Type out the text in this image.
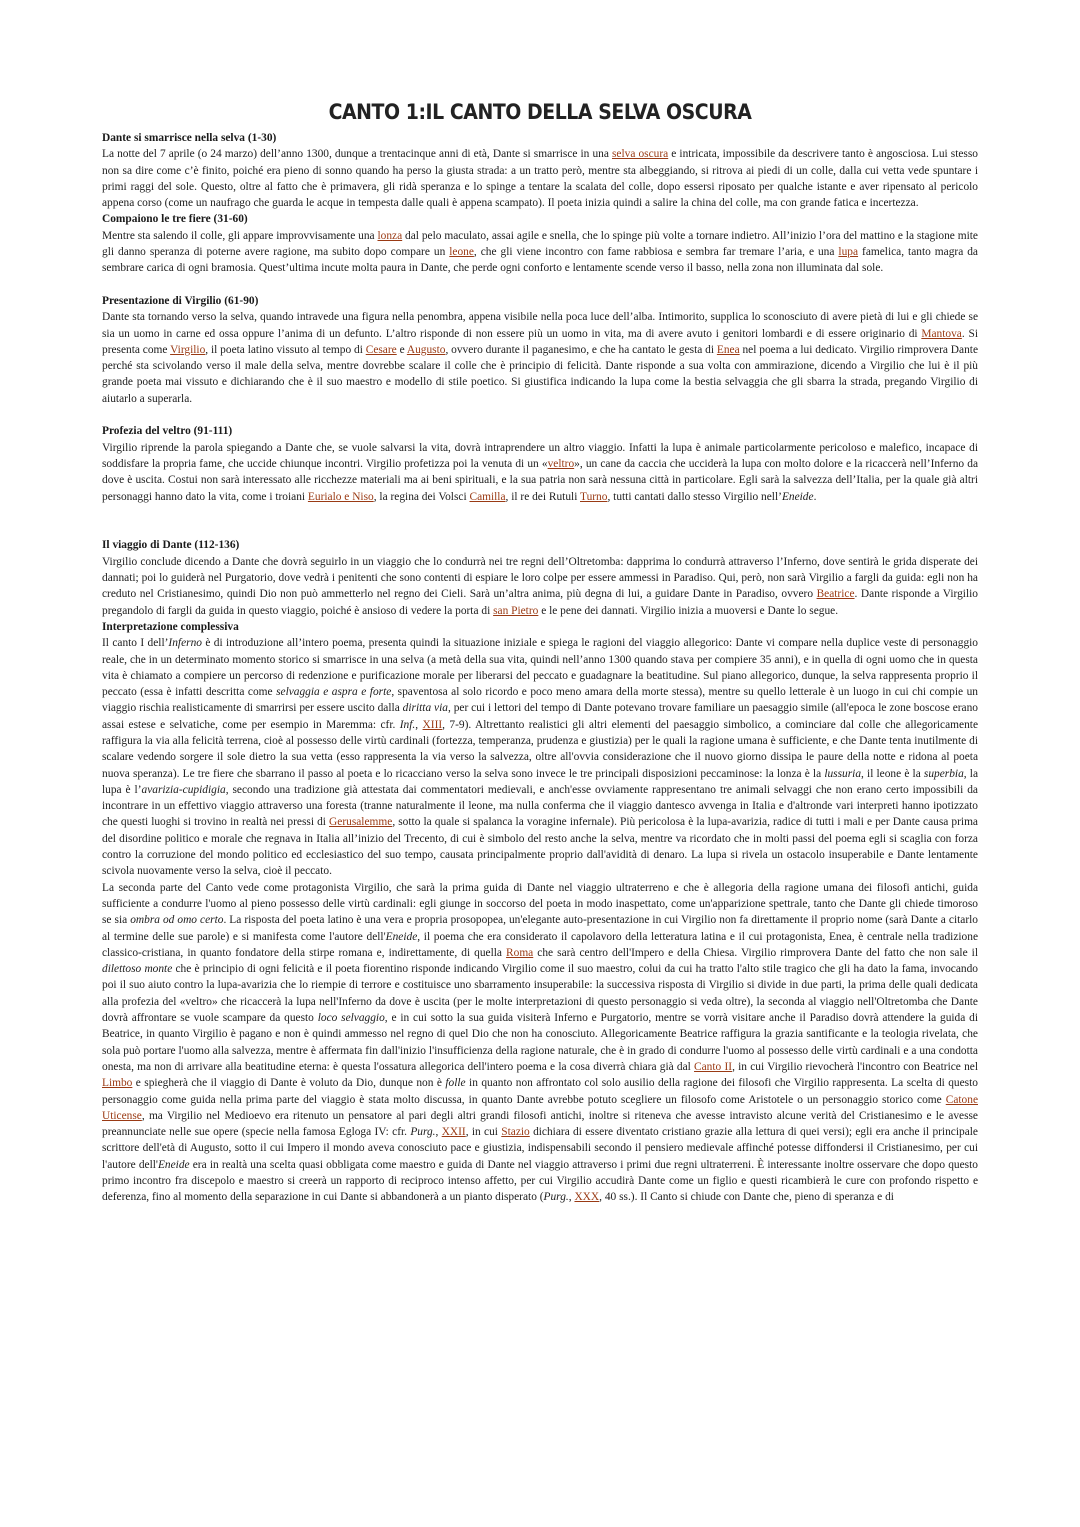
CANTO 1:IL CANTO DELLA SELVA OSCURA
Dante si smarrisce nella selva (1-30)

La notte del 7 aprile (o 24 marzo) dell’anno 1300, dunque a trentacinque anni di età, Dante si smarrisce in una selva oscura e intricata, impossibile da descrivere tanto è angosciosa. Lui stesso non sa dire come c’è finito, poiché era pieno di sonno quando ha perso la giusta strada: a un tratto però, mentre sta albeggiando, si ritrova ai piedi di un colle, dalla cui vetta vede spuntare i primi raggi del sole. Questo, oltre al fatto che è primavera, gli ridà speranza e lo spinge a tentare la scalata del colle, dopo essersi riposato per qualche istante e aver ripensato al pericolo appena corso (come un naufrago che guarda le acque in tempesta dalle quali è appena scampato). Il poeta inizia quindi a salire la china del colle, ma con grande fatica e incertezza.

Compaiono le tre fiere (31-60)

Mentre sta salendo il colle, gli appare improvvisamente una lonza dal pelo maculato, assai agile e snella, che lo spinge più volte a tornare indietro. All’inizio l’ora del mattino e la stagione mite gli danno speranza di poterne avere ragione, ma subito dopo compare un leone, che gli viene incontro con fame rabbiosa e sembra far tremare l’aria, e una lupa famelica, tanto magra da sembrare carica di ogni bramosia. Quest’ultima incute molta paura in Dante, che perde ogni conforto e lentamente scende verso il basso, nella zona non illuminata dal sole.

Presentazione di Virgilio (61-90)

Dante sta tornando verso la selva, quando intravede una figura nella penombra, appena visibile nella poca luce dell’alba. Intimorito, supplica lo sconosciuto di avere pietà di lui e gli chiede se sia un uomo in carne ed ossa oppure l’anima di un defunto. L’altro risponde di non essere più un uomo in vita, ma di avere avuto i genitori lombardi e di essere originario di Mantova. Si presenta come Virgilio, il poeta latino vissuto al tempo di Cesare e Augusto, ovvero durante il paganesimo, e che ha cantato le gesta di Enea nel poema a lui dedicato. Virgilio rimprovera Dante perché sta scivolando verso il male della selva, mentre dovrebbe scalare il colle che è principio di felicità. Dante risponde a sua volta con ammirazione, dicendo a Virgilio che lui è il più grande poeta mai vissuto e dichiarando che è il suo maestro e modello di stile poetico. Si giustifica indicando la lupa come la bestia selvaggia che gli sbarra la strada, pregando Virgilio di aiutarlo a superarla.

Profezia del veltro (91-111)

Virgilio riprende la parola spiegando a Dante che, se vuole salvarsi la vita, dovrà intraprendere un altro viaggio. Infatti la lupa è animale particolarmente pericoloso e malefico, incapace di soddisfare la propria fame, che uccide chiunque incontri. Virgilio profetizza poi la venuta di un «veltro», un cane da caccia che ucciderà la lupa con molto dolore e la ricaccerà nell’Inferno da dove è uscita. Costui non sarà interessato alle ricchezze materiali ma ai beni spirituali, e la sua patria non sarà nessuna città in particolare. Egli sarà la salvezza dell’Italia, per la quale già altri personaggi hanno dato la vita, come i troiani Eurialo e Niso, la regina dei Volsci Camilla, il re dei Rutuli Turno, tutti cantati dallo stesso Virgilio nell’Eneide.

Il viaggio di Dante (112-136)

Virgilio conclude dicendo a Dante che dovrà seguirlo in un viaggio che lo condurrà nei tre regni dell’Oltretomba: dapprima lo condurrà attraverso l’Inferno, dove sentirà le grida disperate dei dannati; poi lo guiderà nel Purgatorio, dove vedrà i penitenti che sono contenti di espiare le loro colpe per essere ammessi in Paradiso. Qui, però, non sarà Virgilio a fargli da guida: egli non ha creduto nel Cristianesimo, quindi Dio non può ammetterlo nel regno dei Cieli. Sarà un’altra anima, più degna di lui, a guidare Dante in Paradiso, ovvero Beatrice. Dante risponde a Virgilio pregandolo di fargli da guida in questo viaggio, poiché è ansioso di vedere la porta di san Pietro e le pene dei dannati. Virgilio inizia a muoversi e Dante lo segue.

Interpretazione complessiva

Il canto I dell’Inferno è di introduzione all’intero poema, presenta quindi la situazione iniziale e spiega le ragioni del viaggio allegorico: Dante vi compare nella duplice veste di personaggio reale, che in un determinato momento storico si smarrisce in una selva (a metà della sua vita, quindi nell’anno 1300 quando stava per compiere 35 anni), e in quella di ogni uomo che in questa vita è chiamato a compiere un percorso di redenzione e purificazione morale per liberarsi del peccato e guadagnare la beatitudine. Sul piano allegorico, dunque, la selva rappresenta proprio il peccato (essa è infatti descritta come selvaggia e aspra e forte, spaventosa al solo ricordo e poco meno amara della morte stessa), mentre su quello letterale è un luogo in cui chi compie un viaggio rischia realisticamente di smarrirsi per essere uscito dalla diritta via, per cui i lettori del tempo di Dante potevano trovare familiare un paesaggio simile (all'epoca le zone boscose erano assai estese e selvatiche, come per esempio in Maremma: cfr. Inf., XIII, 7-9). Altrettanto realistici gli altri elementi del paesaggio simbolico, a cominciare dal colle che allegoricamente raffigura la via alla felicità terrena, cioè al possesso delle virtù cardinali (fortezza, temperanza, prudenza e giustizia) per le quali la ragione umana è sufficiente, e che Dante tenta inutilmente di scalare vedendo sorgere il sole dietro la sua vetta (esso rappresenta la via verso la salvezza, oltre all'ovvia considerazione che il nuovo giorno dissipa le paure della notte e ridona al poeta nuova speranza). Le tre fiere che sbarrano il passo al poeta e lo ricacciano verso la selva sono invece le tre principali disposizioni peccaminose: la lonza è la lussuria, il leone è la superbia, la lupa è l’avarizia-cupidigia, secondo una tradizione già attestata dai commentatori medievali, e anch'esse ovviamente rappresentano tre animali selvaggi che non erano certo impossibili da incontrare in un effettivo viaggio attraverso una foresta (tranne naturalmente il leone, ma nulla conferma che il viaggio dantesco avvenga in Italia e d'altronde vari interpreti hanno ipotizzato che questi luoghi si trovino in realtà nei pressi di Gerusalemme, sotto la quale si spalanca la voragine infernale). Più pericolosa è la lupa-avarizia, radice di tutti i mali e per Dante causa prima del disordine politico e morale che regnava in Italia all’inizio del Trecento, di cui è simbolo del resto anche la selva, mentre va ricordato che in molti passi del poema egli si scaglia con forza contro la corruzione del mondo politico ed ecclesiastico del suo tempo, causata principalmente proprio dall'avidità di denaro. La lupa si rivela un ostacolo insuperabile e Dante lentamente scivola nuovamente verso la selva, cioè il peccato.

La seconda parte del Canto vede come protagonista Virgilio, che sarà la prima guida di Dante nel viaggio ultraterreno e che è allegoria della ragione umana dei filosofi antichi, guida sufficiente a condurre l'uomo al pieno possesso delle virtù cardinali: egli giunge in soccorso del poeta in modo inaspettato, come un'apparizione spettrale, tanto che Dante gli chiede timoroso se sia ombra od omo certo. La risposta del poeta latino è una vera e propria prosopopea, un'elegante auto-presentazione in cui Virgilio non fa direttamente il proprio nome (sarà Dante a citarlo al termine delle sue parole) e si manifesta come l'autore dell'Eneide, il poema che era considerato il capolavoro della letteratura latina e il cui protagonista, Enea, è centrale nella tradizione classico-cristiana, in quanto fondatore della stirpe romana e, indirettamente, di quella Roma che sarà centro dell'Impero e della Chiesa. Virgilio rimprovera Dante del fatto che non sale il dilettoso monte che è principio di ogni felicità e il poeta fiorentino risponde indicando Virgilio come il suo maestro, colui da cui ha tratto l'alto stile tragico che gli ha dato la fama, invocando poi il suo aiuto contro la lupa-avarizia che lo riempie di terrore e costituisce uno sbarramento insuperabile: la successiva risposta di Virgilio si divide in due parti, la prima delle quali dedicata alla profezia del «veltro» che ricaccerà la lupa nell'Inferno da dove è uscita (per le molte interpretazioni di questo personaggio si veda oltre), la seconda al viaggio nell'Oltretomba che Dante dovrà affrontare se vuole scampare da questo loco selvaggio, e in cui sotto la sua guida visiterà Inferno e Purgatorio, mentre se vorrà visitare anche il Paradiso dovrà attendere la guida di Beatrice, in quanto Virgilio è pagano e non è quindi ammesso nel regno di quel Dio che non ha conosciuto. Allegoricamente Beatrice raffigura la grazia santificante e la teologia rivelata, che sola può portare l'uomo alla salvezza, mentre è affermata fin dall'inizio l'insufficienza della ragione naturale, che è in grado di condurre l'uomo al possesso delle virtù cardinali e a una condotta onesta, ma non di arrivare alla beatitudine eterna: è questa l'ossatura allegorica dell'intero poema e la cosa diverrà chiara già dal Canto II, in cui Virgilio rievocherà l'incontro con Beatrice nel Limbo e spiegherà che il viaggio di Dante è voluto da Dio, dunque non è folle in quanto non affrontato col solo ausilio della ragione dei filosofi che Virgilio rappresenta. La scelta di questo personaggio come guida nella prima parte del viaggio è stata molto discussa, in quanto Dante avrebbe potuto scegliere un filosofo come Aristotele o un personaggio storico come Catone Uticense, ma Virgilio nel Medioevo era ritenuto un pensatore al pari degli altri grandi filosofi antichi, inoltre si riteneva che avesse intravisto alcune verità del Cristianesimo e le avesse preannunciate nelle sue opere (specie nella famosa Egloga IV: cfr. Purg., XXII, in cui Stazio dichiara di essere diventato cristiano grazie alla lettura di quei versi); egli era anche il principale scrittore dell'età di Augusto, sotto il cui Impero il mondo aveva conosciuto pace e giustizia, indispensabili secondo il pensiero medievale affinché potesse diffondersi il Cristianesimo, per cui l'autore dell'Eneide era in realtà una scelta quasi obbligata come maestro e guida di Dante nel viaggio attraverso i primi due regni ultraterreni. È interessante inoltre osservare che dopo questo primo incontro fra discepolo e maestro si creerà un rapporto di reciproco intenso affetto, per cui Virgilio accudirà Dante come un figlio e questi ricambierà le cure con profondo rispetto e deferenza, fino al momento della separazione in cui Dante si abbandonerà a un pianto disperato (Purg., XXX, 40 ss.). Il Canto si chiude con Dante che, pieno di speranza e di
